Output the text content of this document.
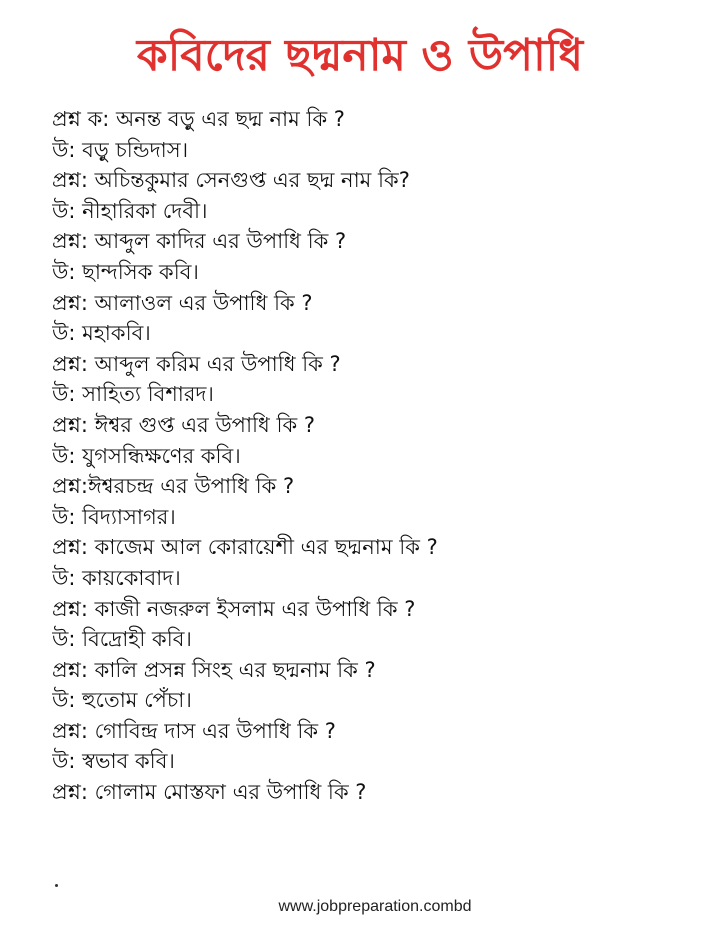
কবিদের ছদ্মনাম ও উপাধি
প্রশ্ন ক: অনন্ত বড়ু এর ছদ্ম নাম কি ?
উ: বড়ু চন্ডিদাস।
প্রশ্ন: অচিন্তকুমার সেনগুপ্ত এর ছদ্ম নাম কি?
উ: নীহারিকা দেবী।
প্রশ্ন: আব্দুল কাদির এর উপাধি কি ?
উ: ছান্দসিক কবি।
প্রশ্ন: আলাওল এর উপাধি কি ?
উ: মহাকবি।
প্রশ্ন: আব্দুল করিম এর উপাধি কি ?
উ: সাহিত্য বিশারদ।
প্রশ্ন: ঈশ্বর গুপ্ত এর উপাধি কি ?
উ: যুগসন্ধিক্ষণের কবি।
প্রশ্ন:ঈশ্বরচন্দ্র এর উপাধি কি ?
উ: বিদ্যাসাগর।
প্রশ্ন: কাজেম আল কোরায়েশী এর ছদ্মনাম কি ?
উ: কায়কোবাদ।
প্রশ্ন: কাজী নজরুল ইসলাম এর উপাধি কি ?
উ: বিদ্রোহী কবি।
প্রশ্ন: কালি প্রসন্ন সিংহ এর ছদ্মনাম কি ?
উ: হুতোম পেঁচা।
প্রশ্ন: গোবিন্দ্র দাস এর উপাধি কি ?
উ: স্বভাব কবি।
প্রশ্ন: গোলাম মোস্তফা এর উপাধি কি ?
www.jobpreparation.combd
